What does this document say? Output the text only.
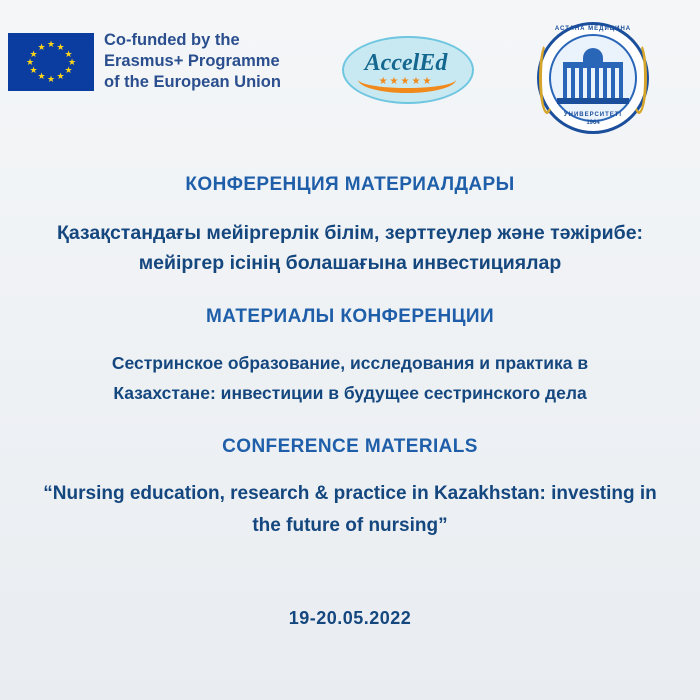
★
★
★
★
★
★ ★ ★
★
★
★
★ Co-funded by the
Erasmus+ Programme
of the European Union
AccelEd
★★★★★
АСТАНА МЕДИЦИНА
УНИВЕРСИТЕТІ
1964
КОНФЕРЕНЦИЯ МАТЕРИАЛДАРЫ
Қазақстандағы мейіргерлік білім, зерттеулер және тәжірибе:
мейіргер ісінің болашағына инвестициялар
МАТЕРИАЛЫ КОНФЕРЕНЦИИ
Сестринское образование, исследования и практика в
Казахстане: инвестиции в будущее сестринского дела
CONFERENCE MATERIALS
“Nursing education, research & practice in Kazakhstan: investing in
the future of nursing”
19-20.05.2022
